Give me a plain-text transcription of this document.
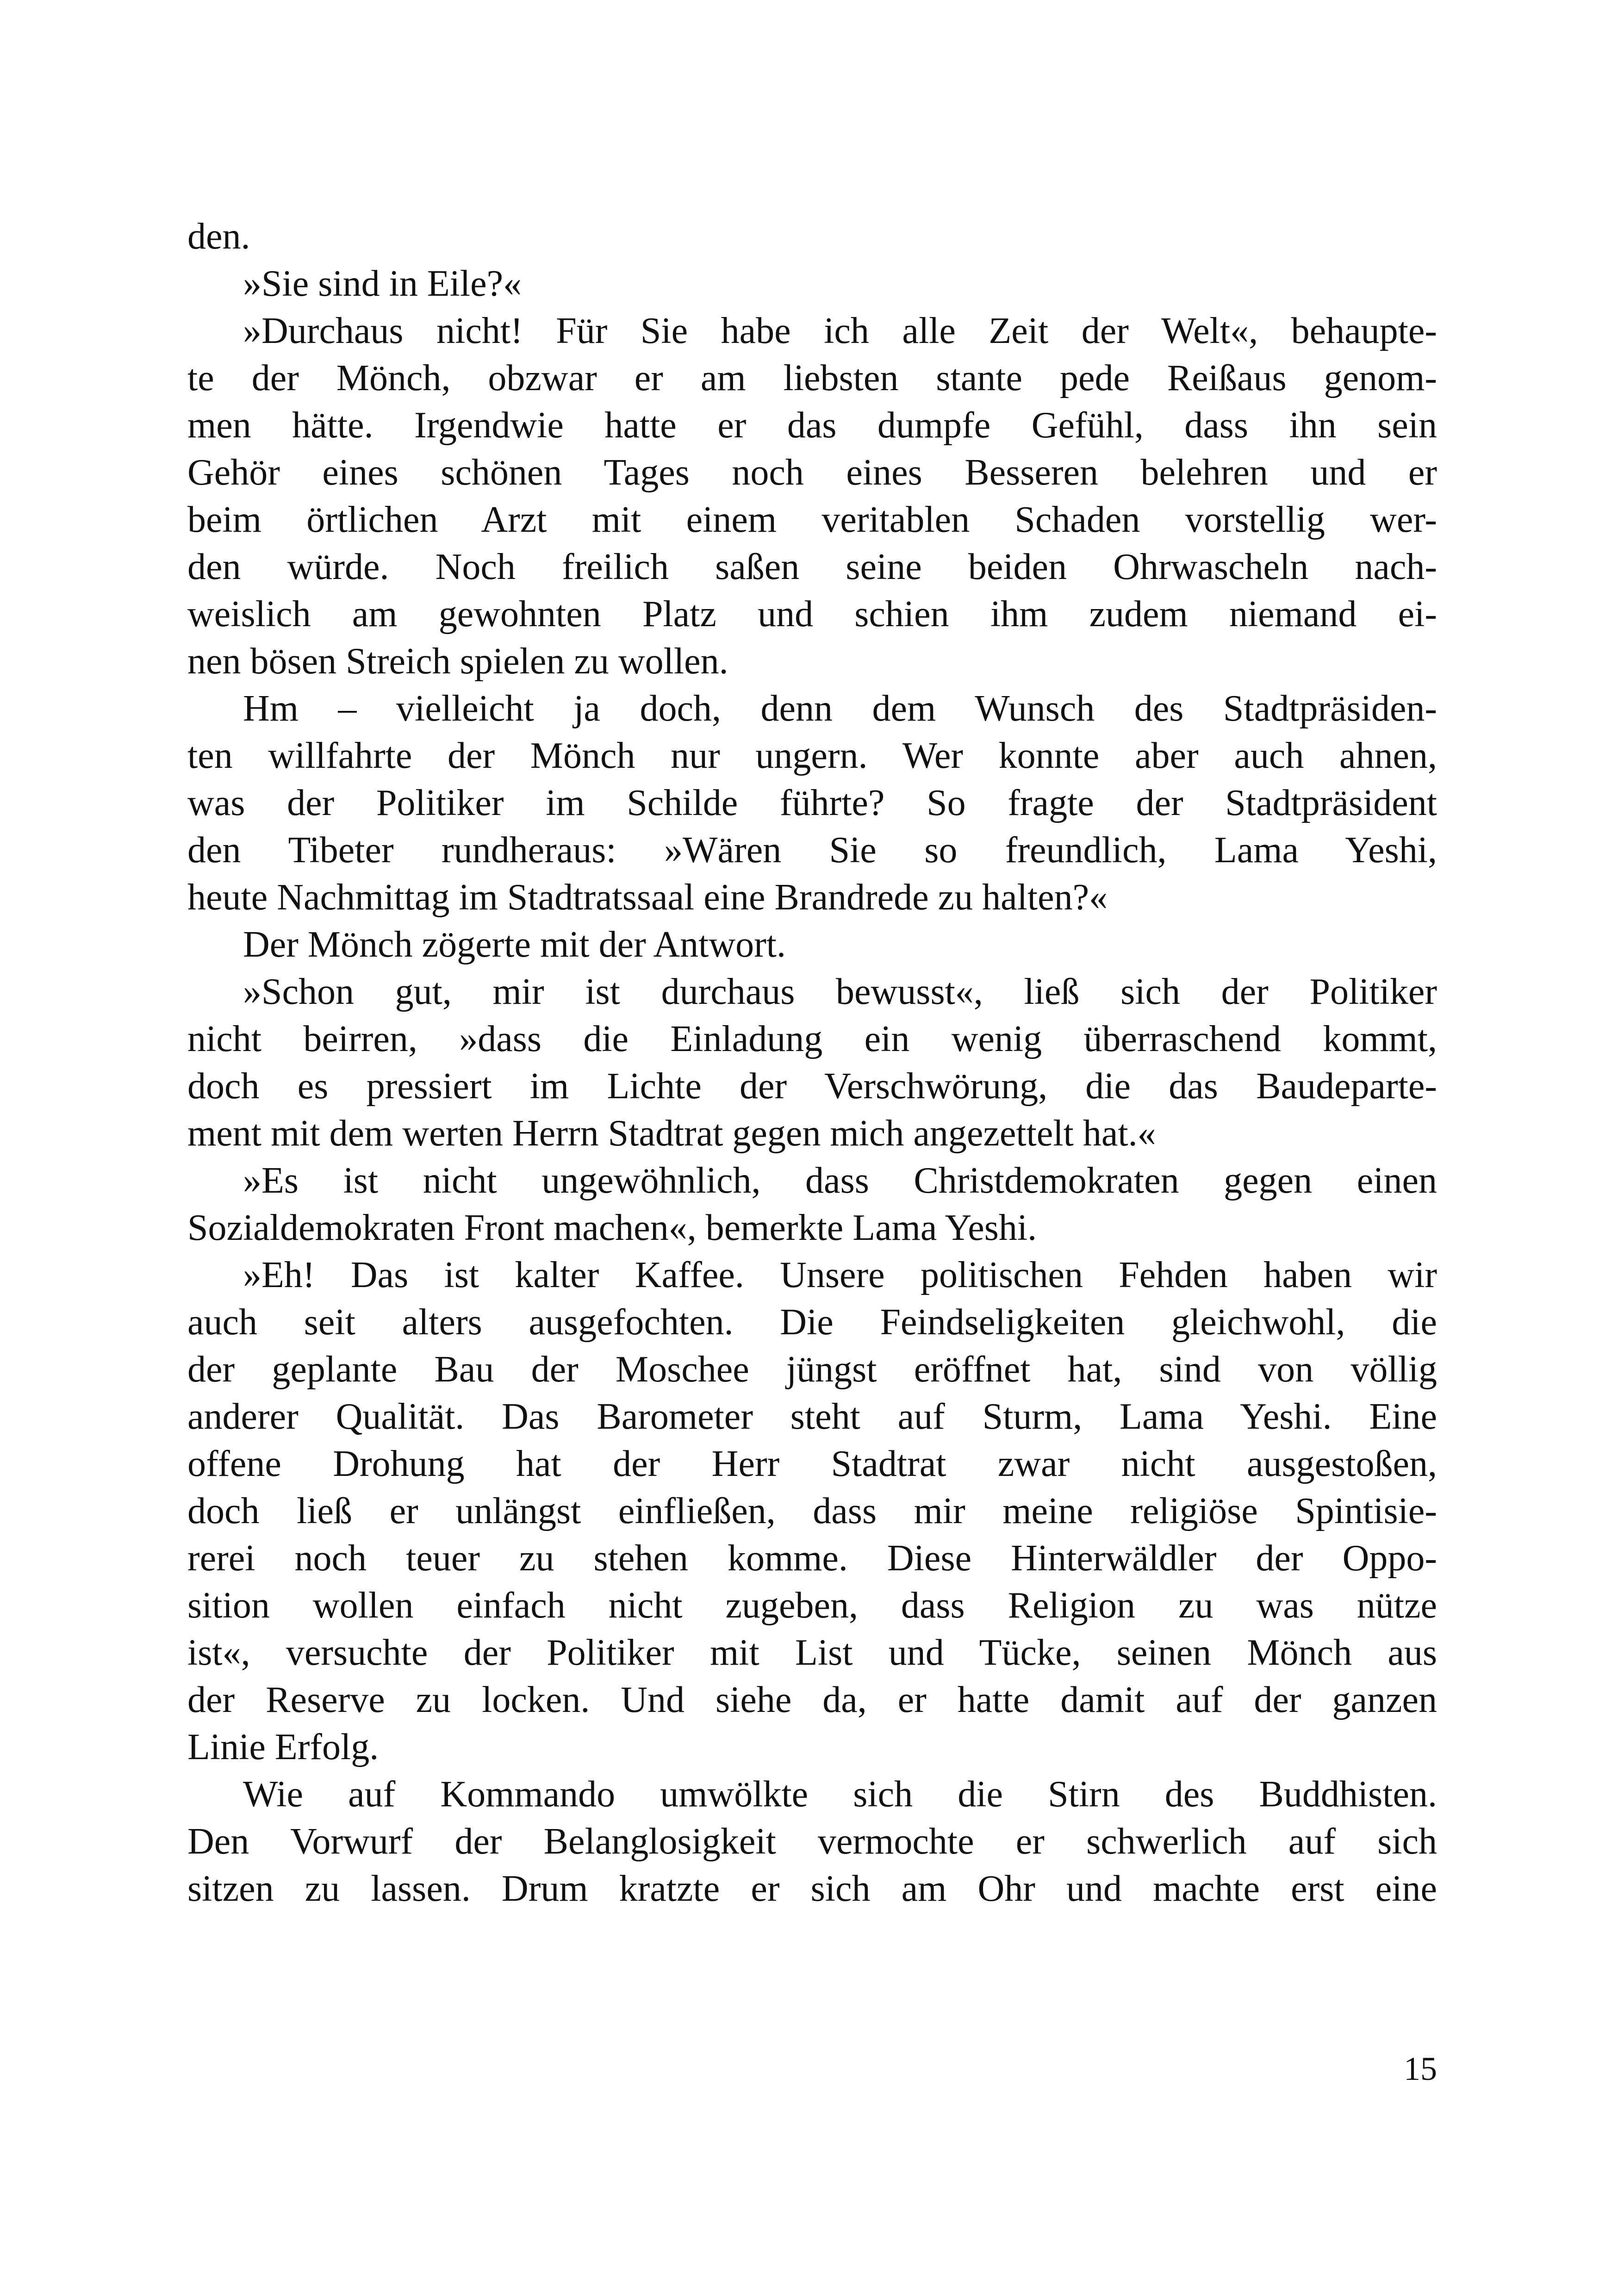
den.
»Sie sind in Eile?«
»Durchaus nicht! Für Sie habe ich alle Zeit der Welt«, behaupte-
te der Mönch, obzwar er am liebsten stante pede Reißaus genom-
men hätte. Irgendwie hatte er das dumpfe Gefühl, dass ihn sein
Gehör eines schönen Tages noch eines Besseren belehren und er
beim örtlichen Arzt mit einem veritablen Schaden vorstellig wer-
den würde. Noch freilich saßen seine beiden Ohrwascheln nach-
weislich am gewohnten Platz und schien ihm zudem niemand ei-
nen bösen Streich spielen zu wollen.
Hm – vielleicht ja doch, denn dem Wunsch des Stadtpräsiden-
ten willfahrte der Mönch nur ungern. Wer konnte aber auch ahnen,
was der Politiker im Schilde führte? So fragte der Stadtpräsident
den Tibeter rundheraus: »Wären Sie so freundlich, Lama Yeshi,
heute Nachmittag im Stadtratssaal eine Brandrede zu halten?«
Der Mönch zögerte mit der Antwort.
»Schon gut, mir ist durchaus bewusst«, ließ sich der Politiker
nicht beirren, »dass die Einladung ein wenig überraschend kommt,
doch es pressiert im Lichte der Verschwörung, die das Baudeparte-
ment mit dem werten Herrn Stadtrat gegen mich angezettelt hat.«
»Es ist nicht ungewöhnlich, dass Christdemokraten gegen einen
Sozialdemokraten Front machen«, bemerkte Lama Yeshi.
»Eh! Das ist kalter Kaffee. Unsere politischen Fehden haben wir
auch seit alters ausgefochten. Die Feindseligkeiten gleichwohl, die
der geplante Bau der Moschee jüngst eröffnet hat, sind von völlig
anderer Qualität. Das Barometer steht auf Sturm, Lama Yeshi. Eine
offene Drohung hat der Herr Stadtrat zwar nicht ausgestoßen,
doch ließ er unlängst einfließen, dass mir meine religiöse Spintisie-
rerei noch teuer zu stehen komme. Diese Hinterwäldler der Oppo-
sition wollen einfach nicht zugeben, dass Religion zu was nütze
ist«, versuchte der Politiker mit List und Tücke, seinen Mönch aus
der Reserve zu locken. Und siehe da, er hatte damit auf der ganzen
Linie Erfolg.
Wie auf Kommando umwölkte sich die Stirn des Buddhisten.
Den Vorwurf der Belanglosigkeit vermochte er schwerlich auf sich
sitzen zu lassen. Drum kratzte er sich am Ohr und machte erst eine
15
